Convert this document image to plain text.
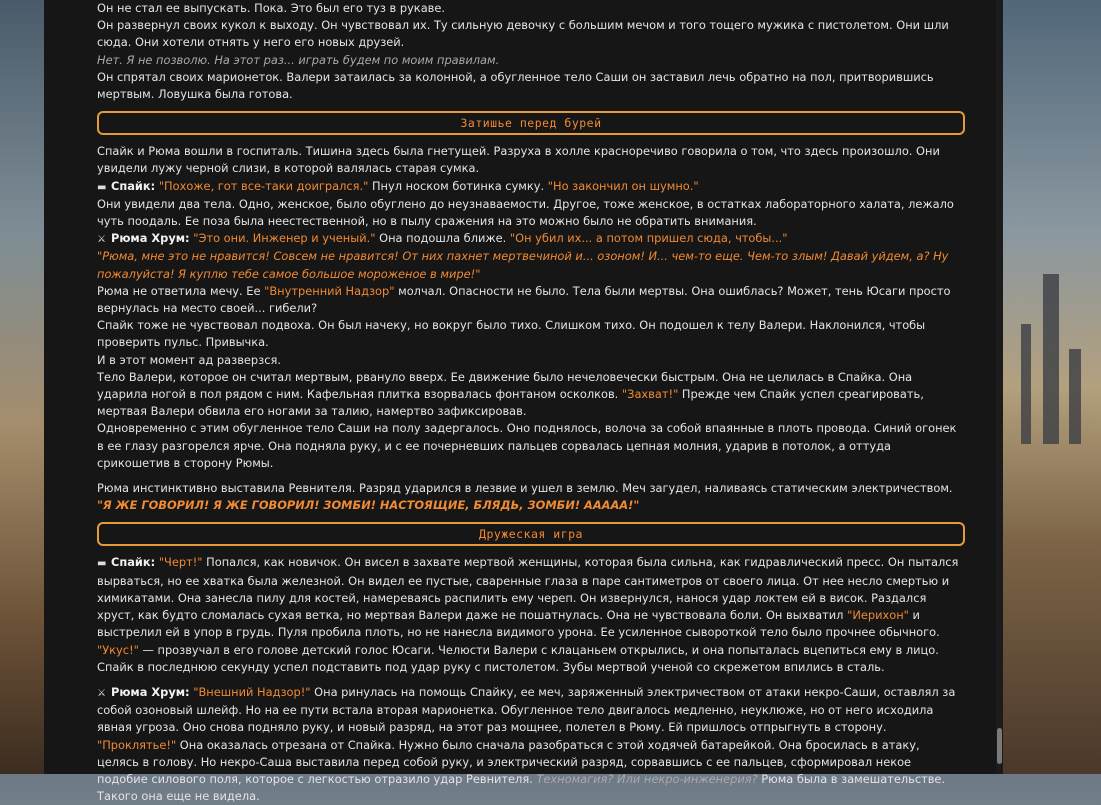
Он не стал ее выпускать. Пока. Это был его туз в рукаве.

Он развернул своих кукол к выходу. Он чувствовал их. Ту сильную девочку с большим мечом и того тощего мужика с пистолетом. Они шли сюда. Они хотели отнять у него его новых друзей.

Нет. Я не позволю. На этот раз... играть будем по моим правилам.

Он спрятал своих марионеток. Валери затаилась за колонной, а обугленное тело Саши он заставил лечь обратно на пол, притворившись мертвым. Ловушка была готова.

Затишье перед бурей

Спайк и Рюма вошли в госпиталь. Тишина здесь была гнетущей. Разруха в холле красноречиво говорила о том, что здесь произошло. Они увидели лужу черной слизи, в которой валялась старая сумка.

▬ Спайк: "Похоже, гот все-таки доигрался." Пнул носком ботинка сумку. "Но закончил он шумно."

Они увидели два тела. Одно, женское, было обуглено до неузнаваемости. Другое, тоже женское, в остатках лабораторного халата, лежало чуть поодаль. Ее поза была неестественной, но в пылу сражения на это можно было не обратить внимания.

⚔ Рюма Хрум: "Это они. Инженер и ученый." Она подошла ближе. "Он убил их... а потом пришел сюда, чтобы..."

"Рюма, мне это не нравится! Совсем не нравится! От них пахнет мертвечиной и... озоном! И... чем-то еще. Чем-то злым! Давай уйдем, а? Ну пожалуйста! Я куплю тебе самое большое мороженое в мире!"

Рюма не ответила мечу. Ее "Внутренний Надзор" молчал. Опасности не было. Тела были мертвы. Она ошиблась? Может, тень Юсаги просто вернулась на место своей... гибели?

Спайк тоже не чувствовал подвоха. Он был начеку, но вокруг было тихо. Слишком тихо. Он подошел к телу Валери. Наклонился, чтобы проверить пульс. Привычка.

И в этот момент ад разверзся.

Тело Валери, которое он считал мертвым, рвануло вверх. Ее движение было нечеловечески быстрым. Она не целилась в Спайка. Она ударила ногой в пол рядом с ним. Кафельная плитка взорвалась фонтаном осколков. "Захват!" Прежде чем Спайк успел среагировать, мертвая Валери обвила его ногами за талию, намертво зафиксировав.

Одновременно с этим обугленное тело Саши на полу задергалось. Оно поднялось, волоча за собой впаянные в плоть провода. Синий огонек в ее глазу разгорелся ярче. Она подняла руку, и с ее почерневших пальцев сорвалась цепная молния, ударив в потолок, а оттуда срикошетив в сторону Рюмы.

Рюма инстинктивно выставила Ревнителя. Разряд ударился в лезвие и ушел в землю. Меч загудел, наливаясь статическим электричеством.

"Я ЖЕ ГОВОРИЛ! Я ЖЕ ГОВОРИЛ! ЗОМБИ! НАСТОЯЩИЕ, БЛЯДЬ, ЗОМБИ! ААААА!"

Дружеская игра

▬ Спайк: "Черт!" Попался, как новичок. Он висел в захвате мертвой женщины, которая была сильна, как гидравлический пресс. Он пытался вырваться, но ее хватка была железной. Он видел ее пустые, сваренные глаза в паре сантиметров от своего лица. От нее несло смертью и химикатами. Она занесла пилу для костей, намереваясь распилить ему череп. Он извернулся, нанося удар локтем ей в висок. Раздался хруст, как будто сломалась сухая ветка, но мертвая Валери даже не пошатнулась. Она не чувствовала боли. Он выхватил "Иерихон" и выстрелил ей в упор в грудь. Пуля пробила плоть, но не нанесла видимого урона. Ее усиленное сывороткой тело было прочнее обычного. "Укус!" — прозвучал в его голове детский голос Юсаги. Челюсти Валери с клацаньем открылись, и она попыталась вцепиться ему в лицо. Спайк в последнюю секунду успел подставить под удар руку с пистолетом. Зубы мертвой ученой со скрежетом впились в сталь.

⚔ Рюма Хрум: "Внешний Надзор!" Она ринулась на помощь Спайку, ее меч, заряженный электричеством от атаки некро-Саши, оставлял за собой озоновый шлейф. Но на ее пути встала вторая марионетка. Обугленное тело двигалось медленно, неуклюже, но от него исходила явная угроза. Оно снова подняло руку, и новый разряд, на этот раз мощнее, полетел в Рюму. Ей пришлось отпрыгнуть в сторону. "Проклятье!" Она оказалась отрезана от Спайка. Нужно было сначала разобраться с этой ходячей батарейкой. Она бросилась в атаку, целясь в голову. Но некро-Саша выставила перед собой руку, и электрический разряд, сорвавшись с ее пальцев, сформировал некое подобие силового поля, которое с легкостью отразило удар Ревнителя. Техномагия? Или некро-инженерия? Рюма была в замешательстве. Такого она еще не видела.
